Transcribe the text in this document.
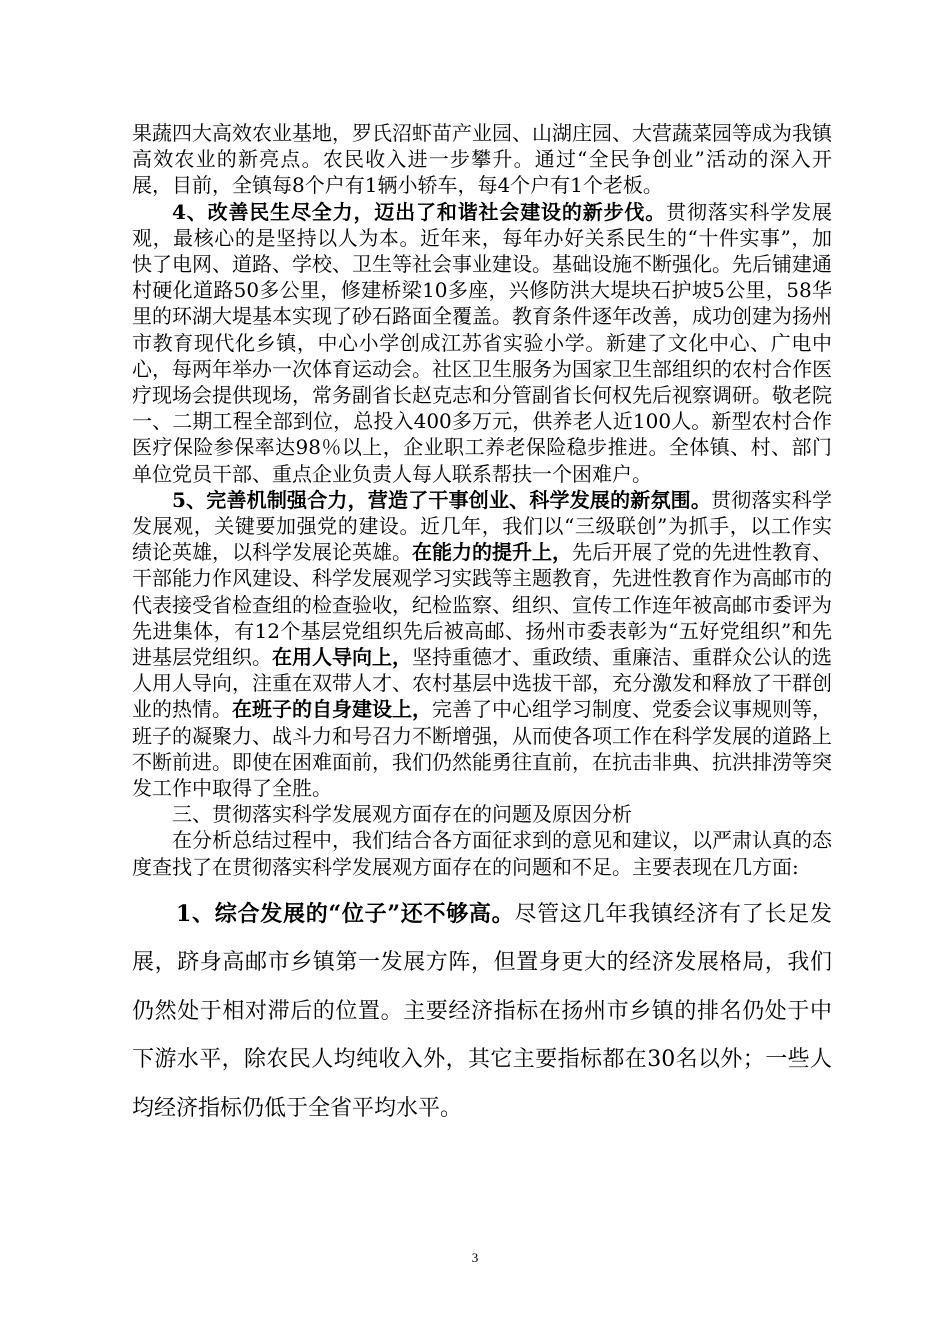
果蔬四大高效农业基地，罗氏沼虾苗产业园、山湖庄园、大营蔬菜园等成为我镇高效农业的新亮点。农民收入进一步攀升。通过“全民争创业”活动的深入开展，目前，全镇每8个户有1辆小轿车，每4个户有1个老板。

4、改善民生尽全力，迈出了和谐社会建设的新步伐。贯彻落实科学发展观，最核心的是坚持以人为本。近年来，每年办好关系民生的“十件实事”，加快了电网、道路、学校、卫生等社会事业建设。基础设施不断强化。先后铺建通村硬化道路50多公里，修建桥梁10多座，兴修防洪大堤块石护坡5公里，58华里的环湖大堤基本实现了砂石路面全覆盖。教育条件逐年改善，成功创建为扬州市教育现代化乡镇，中心小学创成江苏省实验小学。新建了文化中心、广电中心，每两年举办一次体育运动会。社区卫生服务为国家卫生部组织的农村合作医疗现场会提供现场，常务副省长赵克志和分管副省长何权先后视察调研。敬老院一、二期工程全部到位，总投入400多万元，供养老人近100人。新型农村合作医疗保险参保率达98％以上，企业职工养老保险稳步推进。全体镇、村、部门单位党员干部、重点企业负责人每人联系帮扶一个困难户。

5、完善机制强合力，营造了干事创业、科学发展的新氛围。贯彻落实科学发展观，关键要加强党的建设。近几年，我们以“三级联创”为抓手，以工作实绩论英雄，以科学发展论英雄。在能力的提升上，先后开展了党的先进性教育、干部能力作风建设、科学发展观学习实践等主题教育，先进性教育作为高邮市的代表接受省检查组的检查验收，纪检监察、组织、宣传工作连年被高邮市委评为先进集体，有12个基层党组织先后被高邮、扬州市委表彰为“五好党组织”和先进基层党组织。在用人导向上，坚持重德才、重政绩、重廉洁、重群众公认的选人用人导向，注重在双带人才、农村基层中选拔干部，充分激发和释放了干群创业的热情。在班子的自身建设上，完善了中心组学习制度、党委会议事规则等，班子的凝聚力、战斗力和号召力不断增强，从而使各项工作在科学发展的道路上不断前进。即使在困难面前，我们仍然能勇往直前，在抗击非典、抗洪排涝等突发工作中取得了全胜。

三、贯彻落实科学发展观方面存在的问题及原因分析

在分析总结过程中，我们结合各方面征求到的意见和建议，以严肃认真的态度查找了在贯彻落实科学发展观方面存在的问题和不足。主要表现在几方面:

1、综合发展的“位子”还不够高。尽管这几年我镇经济有了长足发展，跻身高邮市乡镇第一发展方阵，但置身更大的经济发展格局，我们仍然处于相对滞后的位置。主要经济指标在扬州市乡镇的排名仍处于中下游水平，除农民人均纯收入外，其它主要指标都在30名以外；一些人均经济指标仍低于全省平均水平。

3
